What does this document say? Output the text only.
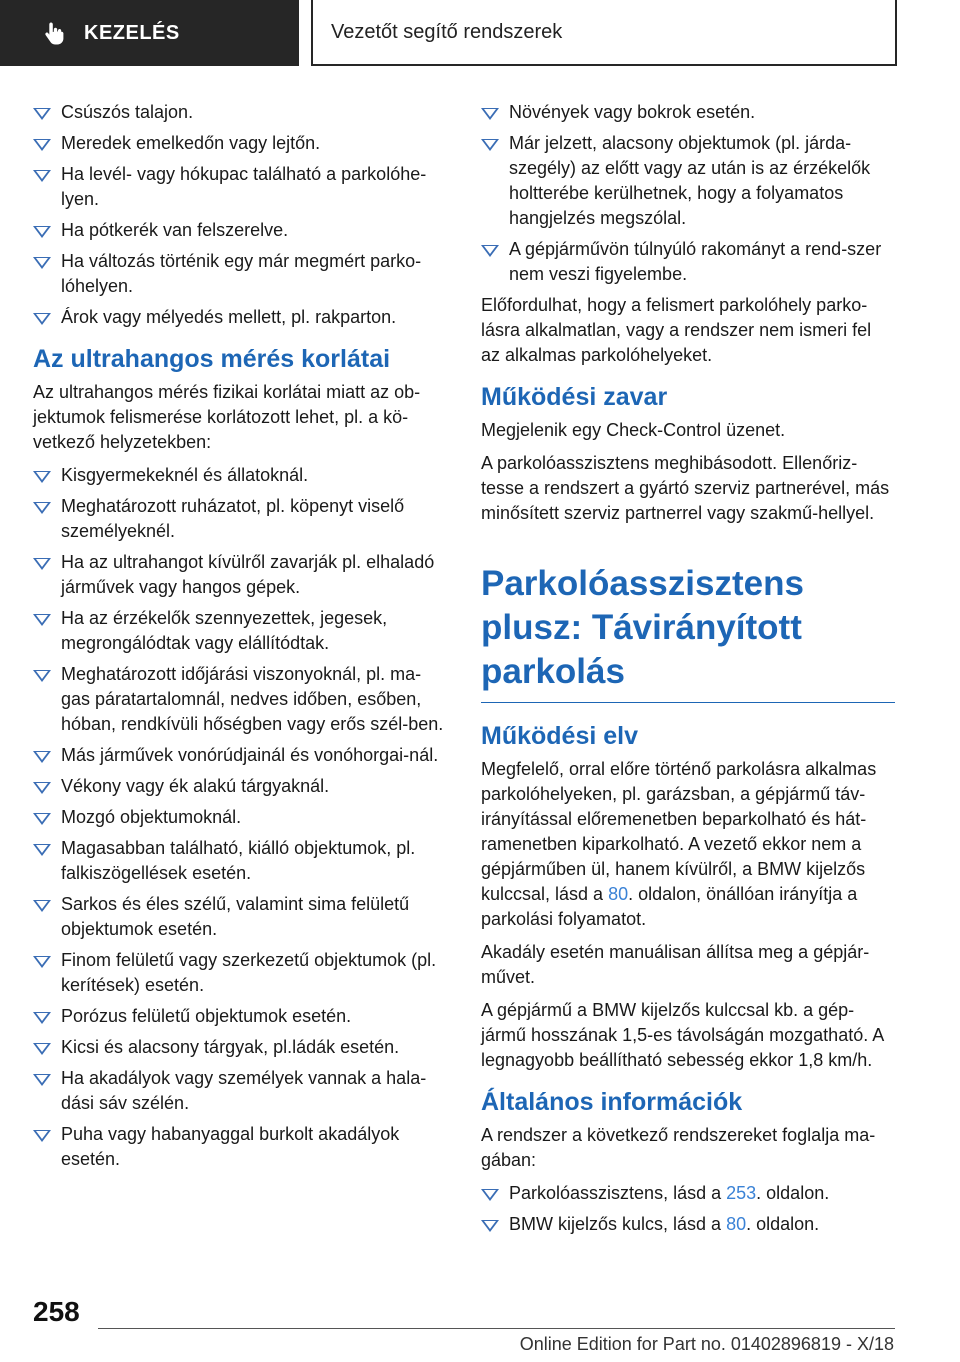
KEZELÉS	Vezetőt segítő rendszerek
Csúszós talajon.
Meredek emelkedőn vagy lejtőn.
Ha levél- vagy hókupac található a parkolóhe-lyen.
Ha pótkerék van felszerelve.
Ha változás történik egy már megmért parko-lóhelyen.
Árok vagy mélyedés mellett, pl. rakparton.
Az ultrahangos mérés korlátai

Az ultrahangos mérés fizikai korlátai miatt az ob-jektumok felismerése korlátozott lehet, pl. a kö-vetkező helyzetekben:

Kisgyermekeknél és állatoknál.
Meghatározott ruházatot, pl. köpenyt viselő személyeknél.
Ha az ultrahangot kívülről zavarják pl. elhaladó járművek vagy hangos gépek.
Ha az érzékelők szennyezettek, jegesek, megrongálódtak vagy elállítódtak.
Meghatározott időjárási viszonyoknál, pl. ma-gas páratartalomnál, nedves időben, esőben, hóban, rendkívüli hőségben vagy erős szél-ben.
Más járművek vonórúdjainál és vonóhorgai-nál.
Vékony vagy ék alakú tárgyaknál.
Mozgó objektumoknál.
Magasabban található, kiálló objektumok, pl. falkiszögellések esetén.
Sarkos és éles szélű, valamint sima felületű objektumok esetén.
Finom felületű vagy szerkezetű objektumok (pl. kerítések) esetén.
Porózus felületű objektumok esetén.
Kicsi és alacsony tárgyak, pl.ládák esetén.
Ha akadályok vagy személyek vannak a hala-dási sáv szélén.
Puha vagy habanyaggal burkolt akadályok esetén.
Növények vagy bokrok esetén.
Már jelzett, alacsony objektumok (pl. járda-szegély) az előtt vagy az után is az érzékelők holtterébe kerülhetnek, hogy a folyamatos hangjelzés megszólal.
A gépjárművön túlnyúló rakományt a rend-szer nem veszi figyelembe.

Előfordulhat, hogy a felismert parkolóhely parko-lásra alkalmatlan, vagy a rendszer nem ismeri fel az alkalmas parkolóhelyeket.

Működési zavar

Megjelenik egy Check-Control üzenet.

A parkolóasszisztens meghibásodott. Ellenőriz-tesse a rendszert a gyártó szerviz partnerével, más minősített szerviz partnerrel vagy szakmű-hellyel.

Parkolóasszisztens plusz: Távirányított parkolás
Működési elv

Megfelelő, orral előre történő parkolásra alkalmas parkolóhelyeken, pl. garázsban, a gépjármű táv-irányítással előremenetben beparkolható és hát-ramenetben kiparkolható. A vezető ekkor nem a gépjárműben ül, hanem kívülről, a BMW kijelzős kulccsal, lásd a 80. oldalon, önállóan irányítja a parkolási folyamatot.

Akadály esetén manuálisan állítsa meg a gépjár-művet.

A gépjármű a BMW kijelzős kulccsal kb. a gép-jármű hosszának 1,5-es távolságán mozgatható. A legnagyobb beállítható sebesség ekkor 1,8 km/h.

Általános információk

A rendszer a következő rendszereket foglalja ma-gában:

Parkolóasszisztens, lásd a 253. oldalon.
BMW kijelzős kulcs, lásd a 80. oldalon.
258
Online Edition for Part no. 01402896819 - X/18
